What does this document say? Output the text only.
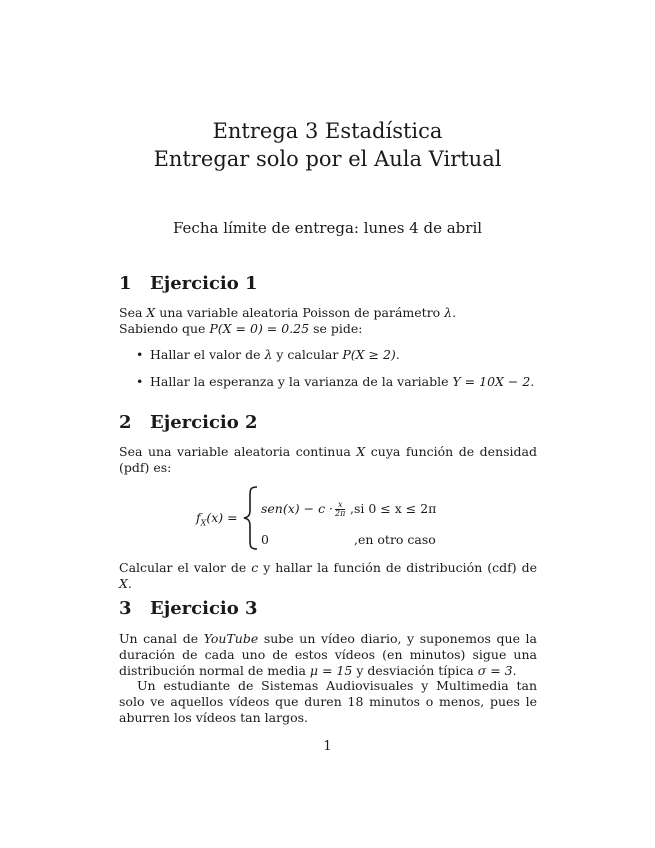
Entrega 3 Estadística
Entregar solo por el Aula Virtual
Fecha límite de entrega: lunes 4 de abril
1 Ejercicio 1
Sea X una variable aleatoria Poisson de parámetro λ.
Sabiendo que P(X = 0) = 0.25 se pide:
• Hallar el valor de λ y calcular P(X ≥ 2).
• Hallar la esperanza y la varianza de la variable Y = 10X − 2.
2 Ejercicio 2
Sea una variable aleatoria continua X cuya función de densidad (pdf) es:
$f_X(x)$ =
$sen(x) - c \cdot \frac{x}{2\pi} ,si$ 0 ≤ x ≤ 2π
0	,en otro caso
Calcular el valor de c y hallar la función de distribución (cdf) de X.
3 Ejercicio 3
Un canal de YouTube sube un vídeo diario, y suponemos que la duración de cada uno de estos vídeos (en minutos) sigue una distribución normal de media μ = 15 y desviación típica σ = 3.
Un estudiante de Sistemas Audiovisuales y Multimedia tan solo ve aquellos vídeos que duren 18 minutos o menos, pues le aburren los vídeos tan largos.
1
